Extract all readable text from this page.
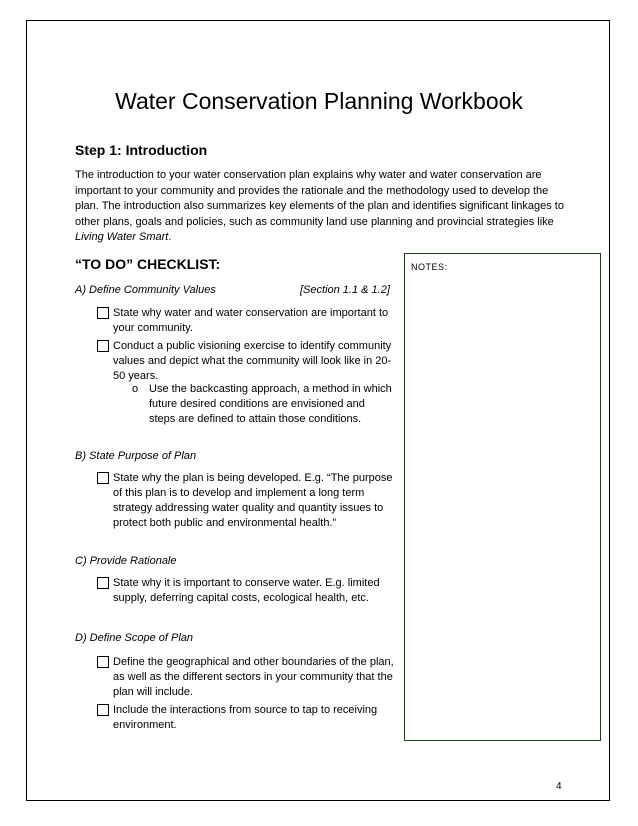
Water Conservation Planning Workbook
Step 1: Introduction
The introduction to your water conservation plan explains why water and water conservation are important to your community and provides the rationale and the methodology used to develop the plan. The introduction also summarizes key elements of the plan and identifies significant linkages to other plans, goals and policies, such as community land use planning and provincial strategies like Living Water Smart.
“TO DO” CHECKLIST:
A) Define Community Values	[Section 1.1 & 1.2]
State why water and water conservation are important to your community.
Conduct a public visioning exercise to identify community values and depict what the community will look like in 20-50 years.
o Use the backcasting approach, a method in which future desired conditions are envisioned and steps are defined to attain those conditions.
B) State Purpose of Plan
State why the plan is being developed. E.g. “The purpose of this plan is to develop and implement a long term strategy addressing water quality and quantity issues to protect both public and environmental health.”
C) Provide Rationale
State why it is important to conserve water. E.g. limited supply, deferring capital costs, ecological health, etc.
D) Define Scope of Plan
Define the geographical and other boundaries of the plan, as well as the different sectors in your community that the plan will include.
Include the interactions from source to tap to receiving environment.
NOTES:
4
